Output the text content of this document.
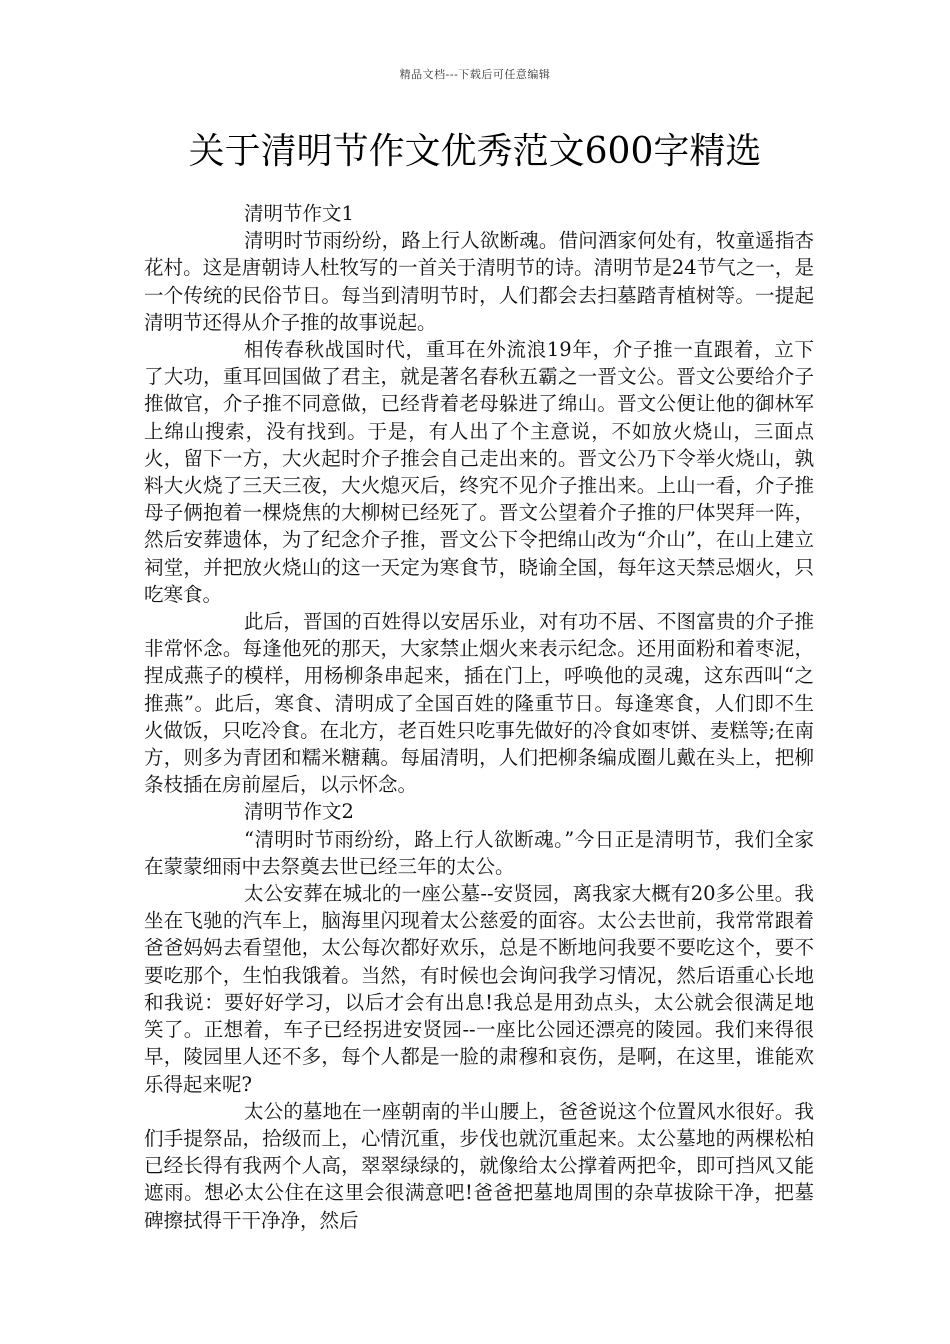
精品文档---下载后可任意编辑
关于清明节作文优秀范文600字精选

清明节作文1

清明时节雨纷纷，路上行人欲断魂。借问酒家何处有，牧童遥指杏花村。这是唐朝诗人杜牧写的一首关于清明节的诗。清明节是24节气之一，是一个传统的民俗节日。每当到清明节时，人们都会去扫墓踏青植树等。一提起清明节还得从介子推的故事说起。

相传春秋战国时代，重耳在外流浪19年，介子推一直跟着，立下了大功，重耳回国做了君主，就是著名春秋五霸之一晋文公。晋文公要给介子推做官，介子推不同意做，已经背着老母躲进了绵山。晋文公便让他的御林军上绵山搜索，没有找到。于是，有人出了个主意说，不如放火烧山，三面点火，留下一方，大火起时介子推会自己走出来的。晋文公乃下令举火烧山，孰料大火烧了三天三夜，大火熄灭后，终究不见介子推出来。上山一看，介子推母子俩抱着一棵烧焦的大柳树已经死了。晋文公望着介子推的尸体哭拜一阵，然后安葬遗体，为了纪念介子推，晋文公下令把绵山改为“介山”，在山上建立祠堂，并把放火烧山的这一天定为寒食节，晓谕全国，每年这天禁忌烟火，只吃寒食。

此后，晋国的百姓得以安居乐业，对有功不居、不图富贵的介子推非常怀念。每逢他死的那天，大家禁止烟火来表示纪念。还用面粉和着枣泥，捏成燕子的模样，用杨柳条串起来，插在门上，呼唤他的灵魂，这东西叫“之推燕”。此后，寒食、清明成了全国百姓的隆重节日。每逢寒食，人们即不生火做饭，只吃冷食。在北方，老百姓只吃事先做好的冷食如枣饼、麦糕等;在南方，则多为青团和糯米糖藕。每届清明，人们把柳条编成圈儿戴在头上，把柳条枝插在房前屋后，以示怀念。

清明节作文2

“清明时节雨纷纷，路上行人欲断魂。”今日正是清明节，我们全家在蒙蒙细雨中去祭奠去世已经三年的太公。

太公安葬在城北的一座公墓--安贤园，离我家大概有20多公里。我坐在飞驰的汽车上，脑海里闪现着太公慈爱的面容。太公去世前，我常常跟着爸爸妈妈去看望他，太公每次都好欢乐，总是不断地问我要不要吃这个，要不要吃那个，生怕我饿着。当然，有时候也会询问我学习情况，然后语重心长地和我说：要好好学习，以后才会有出息!我总是用劲点头，太公就会很满足地笑了。正想着，车子已经拐进安贤园--一座比公园还漂亮的陵园。我们来得很早，陵园里人还不多，每个人都是一脸的肃穆和哀伤，是啊，在这里，谁能欢乐得起来呢?

太公的墓地在一座朝南的半山腰上，爸爸说这个位置风水很好。我们手提祭品，拾级而上，心情沉重，步伐也就沉重起来。太公墓地的两棵松柏已经长得有我两个人高，翠翠绿绿的，就像给太公撑着两把伞，即可挡风又能遮雨。想必太公住在这里会很满意吧!爸爸把墓地周围的杂草拔除干净，把墓碑擦拭得干干净净，然后
